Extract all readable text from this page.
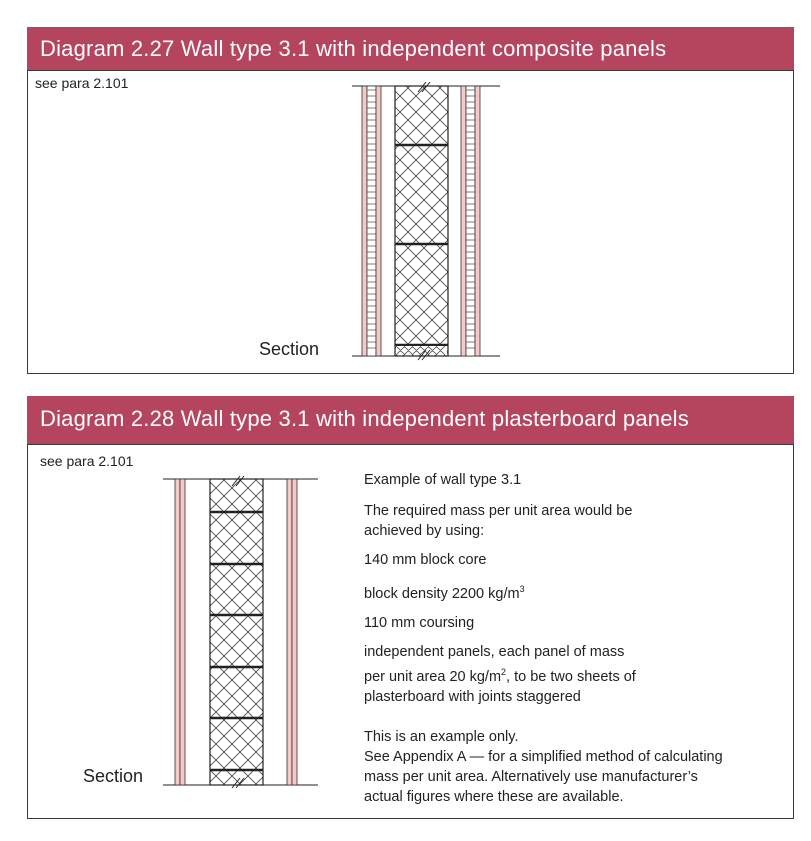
Diagram 2.27 Wall type 3.1 with independent composite panels
see para 2.101
Section
Diagram 2.28 Wall type 3.1 with independent plasterboard panels
see para 2.101
Section

Example of wall type 3.1

The required mass per unit area would be

achieved by using:

140 mm block core

block density 2200 $kg/m^3$

110 mm coursing

independent panels, each panel of mass

per unit area 20 $kg/m^2$, to be two sheets of

plasterboard with joints staggered

This is an example only.

See Appendix A — for a simplified method of calculating

mass per unit area. Alternatively use manufacturer’s

actual figures where these are available.
